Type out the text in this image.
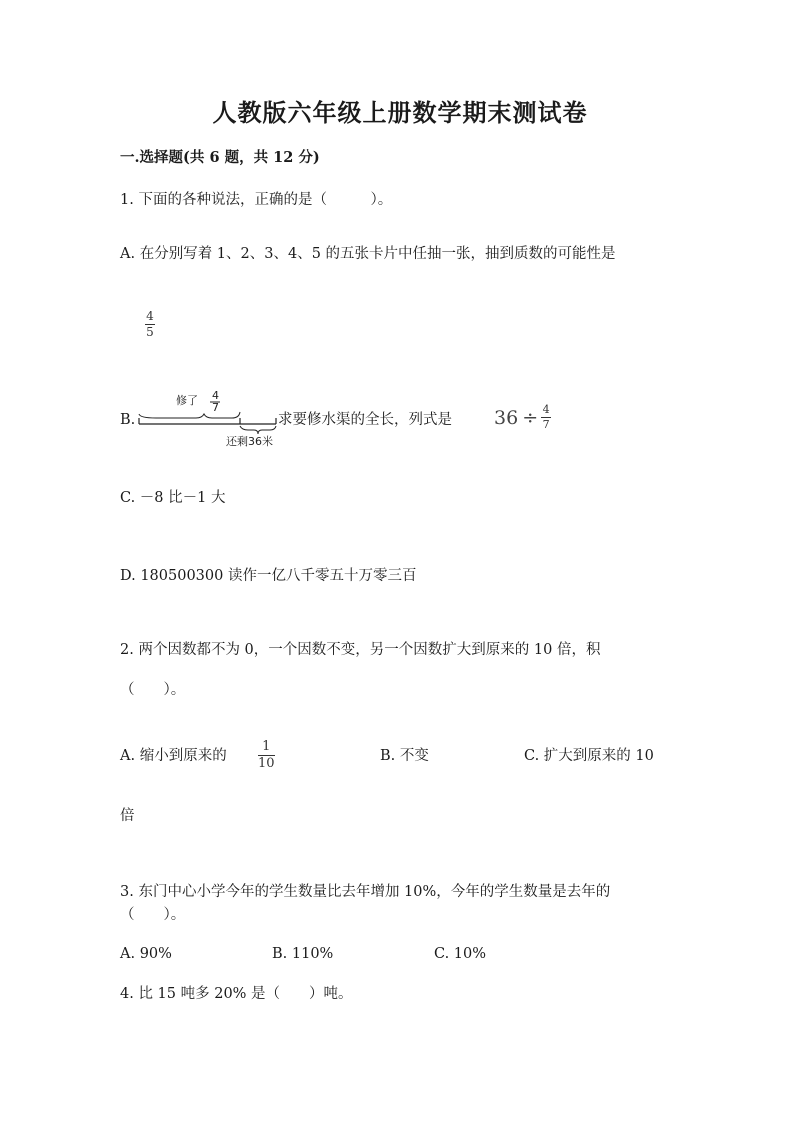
人教版六年级上册数学期末测试卷
一.选择题(共 6 题，共 12 分)
1. 下面的各种说法，正确的是（　　　）。
A. 在分别写着 1、2、3、4、5 的五张卡片中任抽一张，抽到质数的可能性是
4
5
B.
修了 4
7
还剩36米
求要修水渠的全长，列式是 $36 \div \frac{4}{7}$
C. －8 比－1 大
D. 180500300 读作一亿八千零五十万零三百
2. 两个因数都不为 0，一个因数不变，另一个因数扩大到原来的 10 倍，积
（　　）。
A. 缩小到原来的
1
10	B. 不变	C. 扩大到原来的 10
倍
3. 东门中心小学今年的学生数量比去年增加 10%，今年的学生数量是去年的
（　　）。
A. 90%	B. 110%	C. 10%
4. 比 15 吨多 20% 是（　　）吨。
